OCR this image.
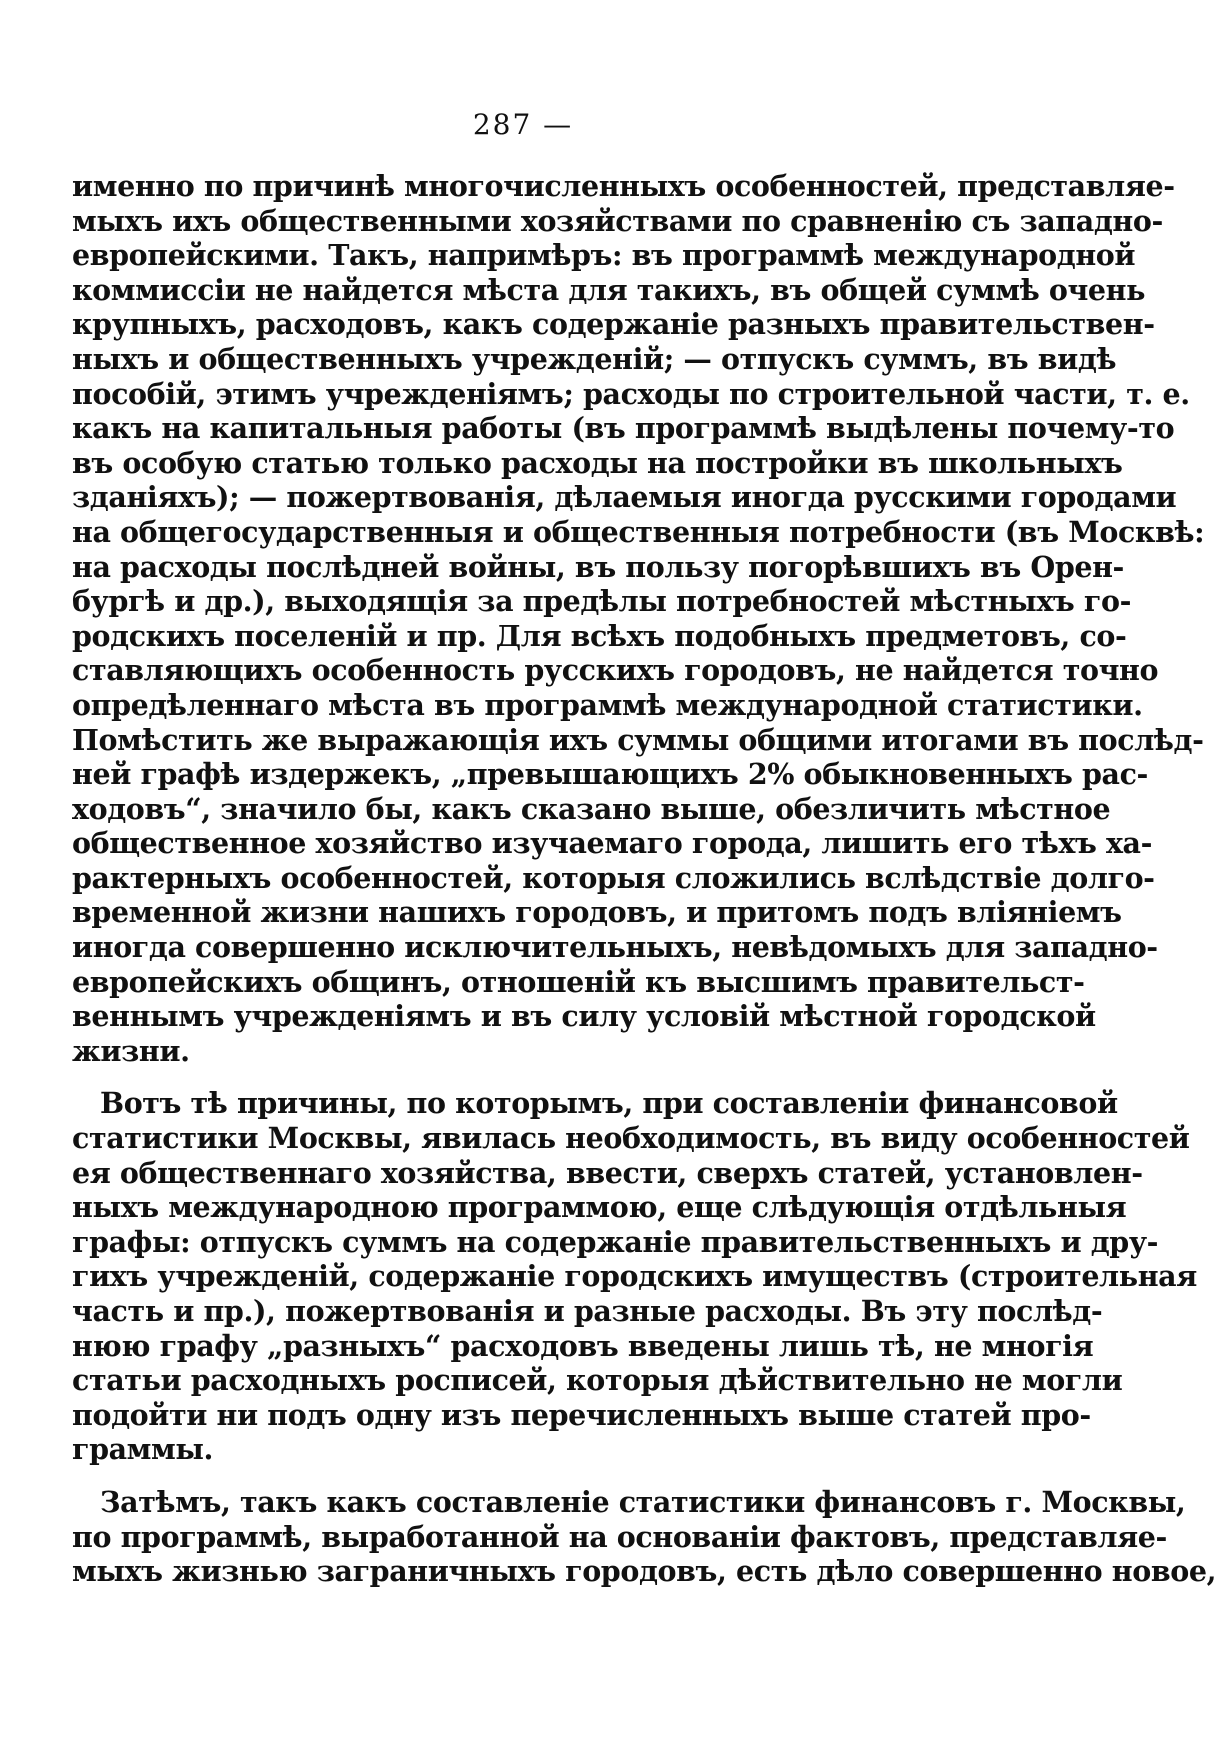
287 —
именно по причинѣ многочисленныхъ особенностей, представляе-
мыхъ ихъ общественными хозяйствами по сравненію съ западно-
европейскими. Такъ, напримѣръ: въ программѣ международной
коммиссіи не найдется мѣста для такихъ, въ общей суммѣ очень
крупныхъ, расходовъ, какъ содержаніе разныхъ правительствен-
ныхъ и общественныхъ учрежденій; — отпускъ суммъ, въ видѣ
пособій, этимъ учрежденіямъ; расходы по строительной части, т. е.
какъ на капитальныя работы (въ программѣ выдѣлены почему-то
въ особую статью только расходы на постройки въ школьныхъ
зданіяхъ); — пожертвованія, дѣлаемыя иногда русскими городами
на общегосударственныя и общественныя потребности (въ Москвѣ:
на расходы послѣдней войны, въ пользу погорѣвшихъ въ Орен-
бургѣ и др.), выходящія за предѣлы потребностей мѣстныхъ го-
родскихъ поселеній и пр. Для всѣхъ подобныхъ предметовъ, со-
ставляющихъ особенность русскихъ городовъ, не найдется точно
опредѣленнаго мѣста въ программѣ международной статистики.
Помѣстить же выражающія ихъ суммы общими итогами въ послѣд-
ней графѣ издержекъ, „превышающихъ 2% обыкновенныхъ рас-
ходовъ“, значило бы, какъ сказано выше, обезличить мѣстное
общественное хозяйство изучаемаго города, лишить его тѣхъ ха-
рактерныхъ особенностей, которыя сложились вслѣдствіе долго-
временной жизни нашихъ городовъ, и притомъ подъ вліяніемъ
иногда совершенно исключительныхъ, невѣдомыхъ для западно-
европейскихъ общинъ, отношеній къ высшимъ правительст-
веннымъ учрежденіямъ и въ силу условій мѣстной городской
жизни.
Вотъ тѣ причины, по которымъ, при составленіи финансовой
статистики Москвы, явилась необходимость, въ виду особенностей
ея общественнаго хозяйства, ввести, сверхъ статей, установлен-
ныхъ международною программою, еще слѣдующія отдѣльныя
графы: отпускъ суммъ на содержаніе правительственныхъ и дру-
гихъ учрежденій, содержаніе городскихъ имуществъ (строительная
часть и пр.), пожертвованія и разные расходы. Въ эту послѣд-
нюю графу „разныхъ“ расходовъ введены лишь тѣ, не многія
статьи расходныхъ росписей, которыя дѣйствительно не могли
подойти ни подъ одну изъ перечисленныхъ выше статей про-
граммы.
Затѣмъ, такъ какъ составленіе статистики финансовъ г. Москвы,
по программѣ, выработанной на основаніи фактовъ, представляе-
мыхъ жизнью заграничныхъ городовъ, есть дѣло совершенно новое,
